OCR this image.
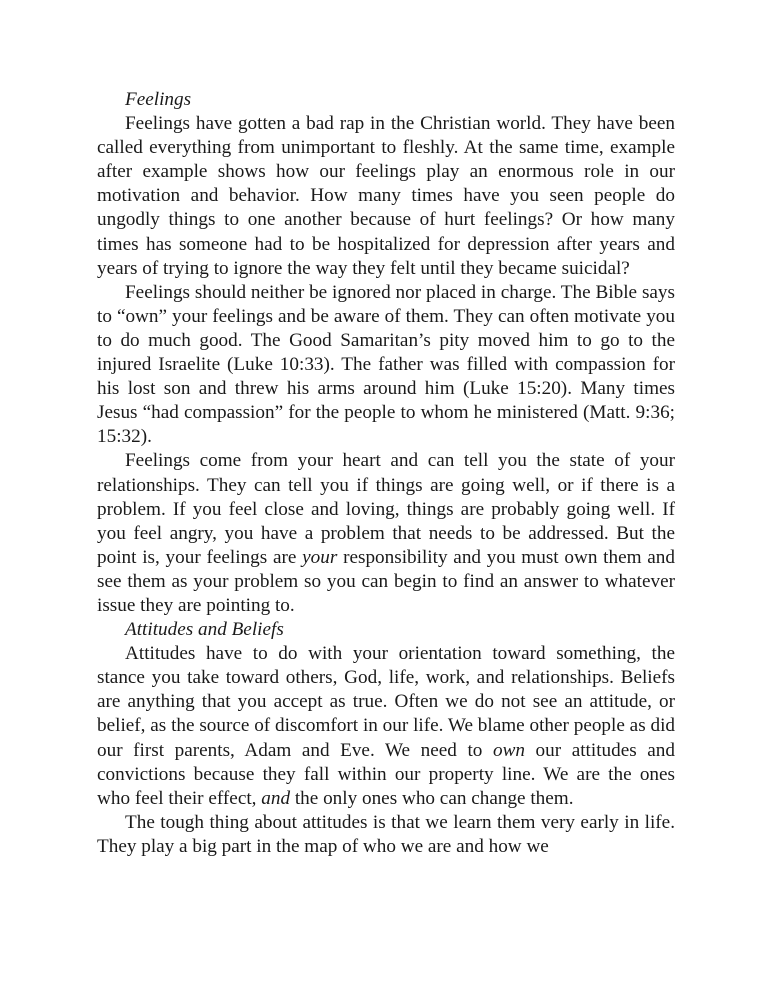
Feelings

Feelings have gotten a bad rap in the Christian world. They have been called everything from unimportant to fleshly. At the same time, example after example shows how our feelings play an enormous role in our motivation and behavior. How many times have you seen people do ungodly things to one another because of hurt feelings? Or how many times has someone had to be hospitalized for depression after years and years of trying to ignore the way they felt until they became suicidal?

Feelings should neither be ignored nor placed in charge. The Bible says to “own” your feelings and be aware of them. They can often motivate you to do much good. The Good Samaritan’s pity moved him to go to the injured Israelite (Luke 10:33). The father was filled with compassion for his lost son and threw his arms around him (Luke 15:20). Many times Jesus “had compassion” for the people to whom he ministered (Matt. 9:36; 15:32).

Feelings come from your heart and can tell you the state of your relationships. They can tell you if things are going well, or if there is a problem. If you feel close and loving, things are probably going well. If you feel angry, you have a problem that needs to be addressed. But the point is, your feelings are your responsibility and you must own them and see them as your problem so you can begin to find an answer to whatever issue they are pointing to.

Attitudes and Beliefs

Attitudes have to do with your orientation toward something, the stance you take toward others, God, life, work, and relationships. Beliefs are anything that you accept as true. Often we do not see an attitude, or belief, as the source of discomfort in our life. We blame other people as did our first parents, Adam and Eve. We need to own our attitudes and convictions because they fall within our property line. We are the ones who feel their effect, and the only ones who can change them.

The tough thing about attitudes is that we learn them very early in life. They play a big part in the map of who we are and how we
